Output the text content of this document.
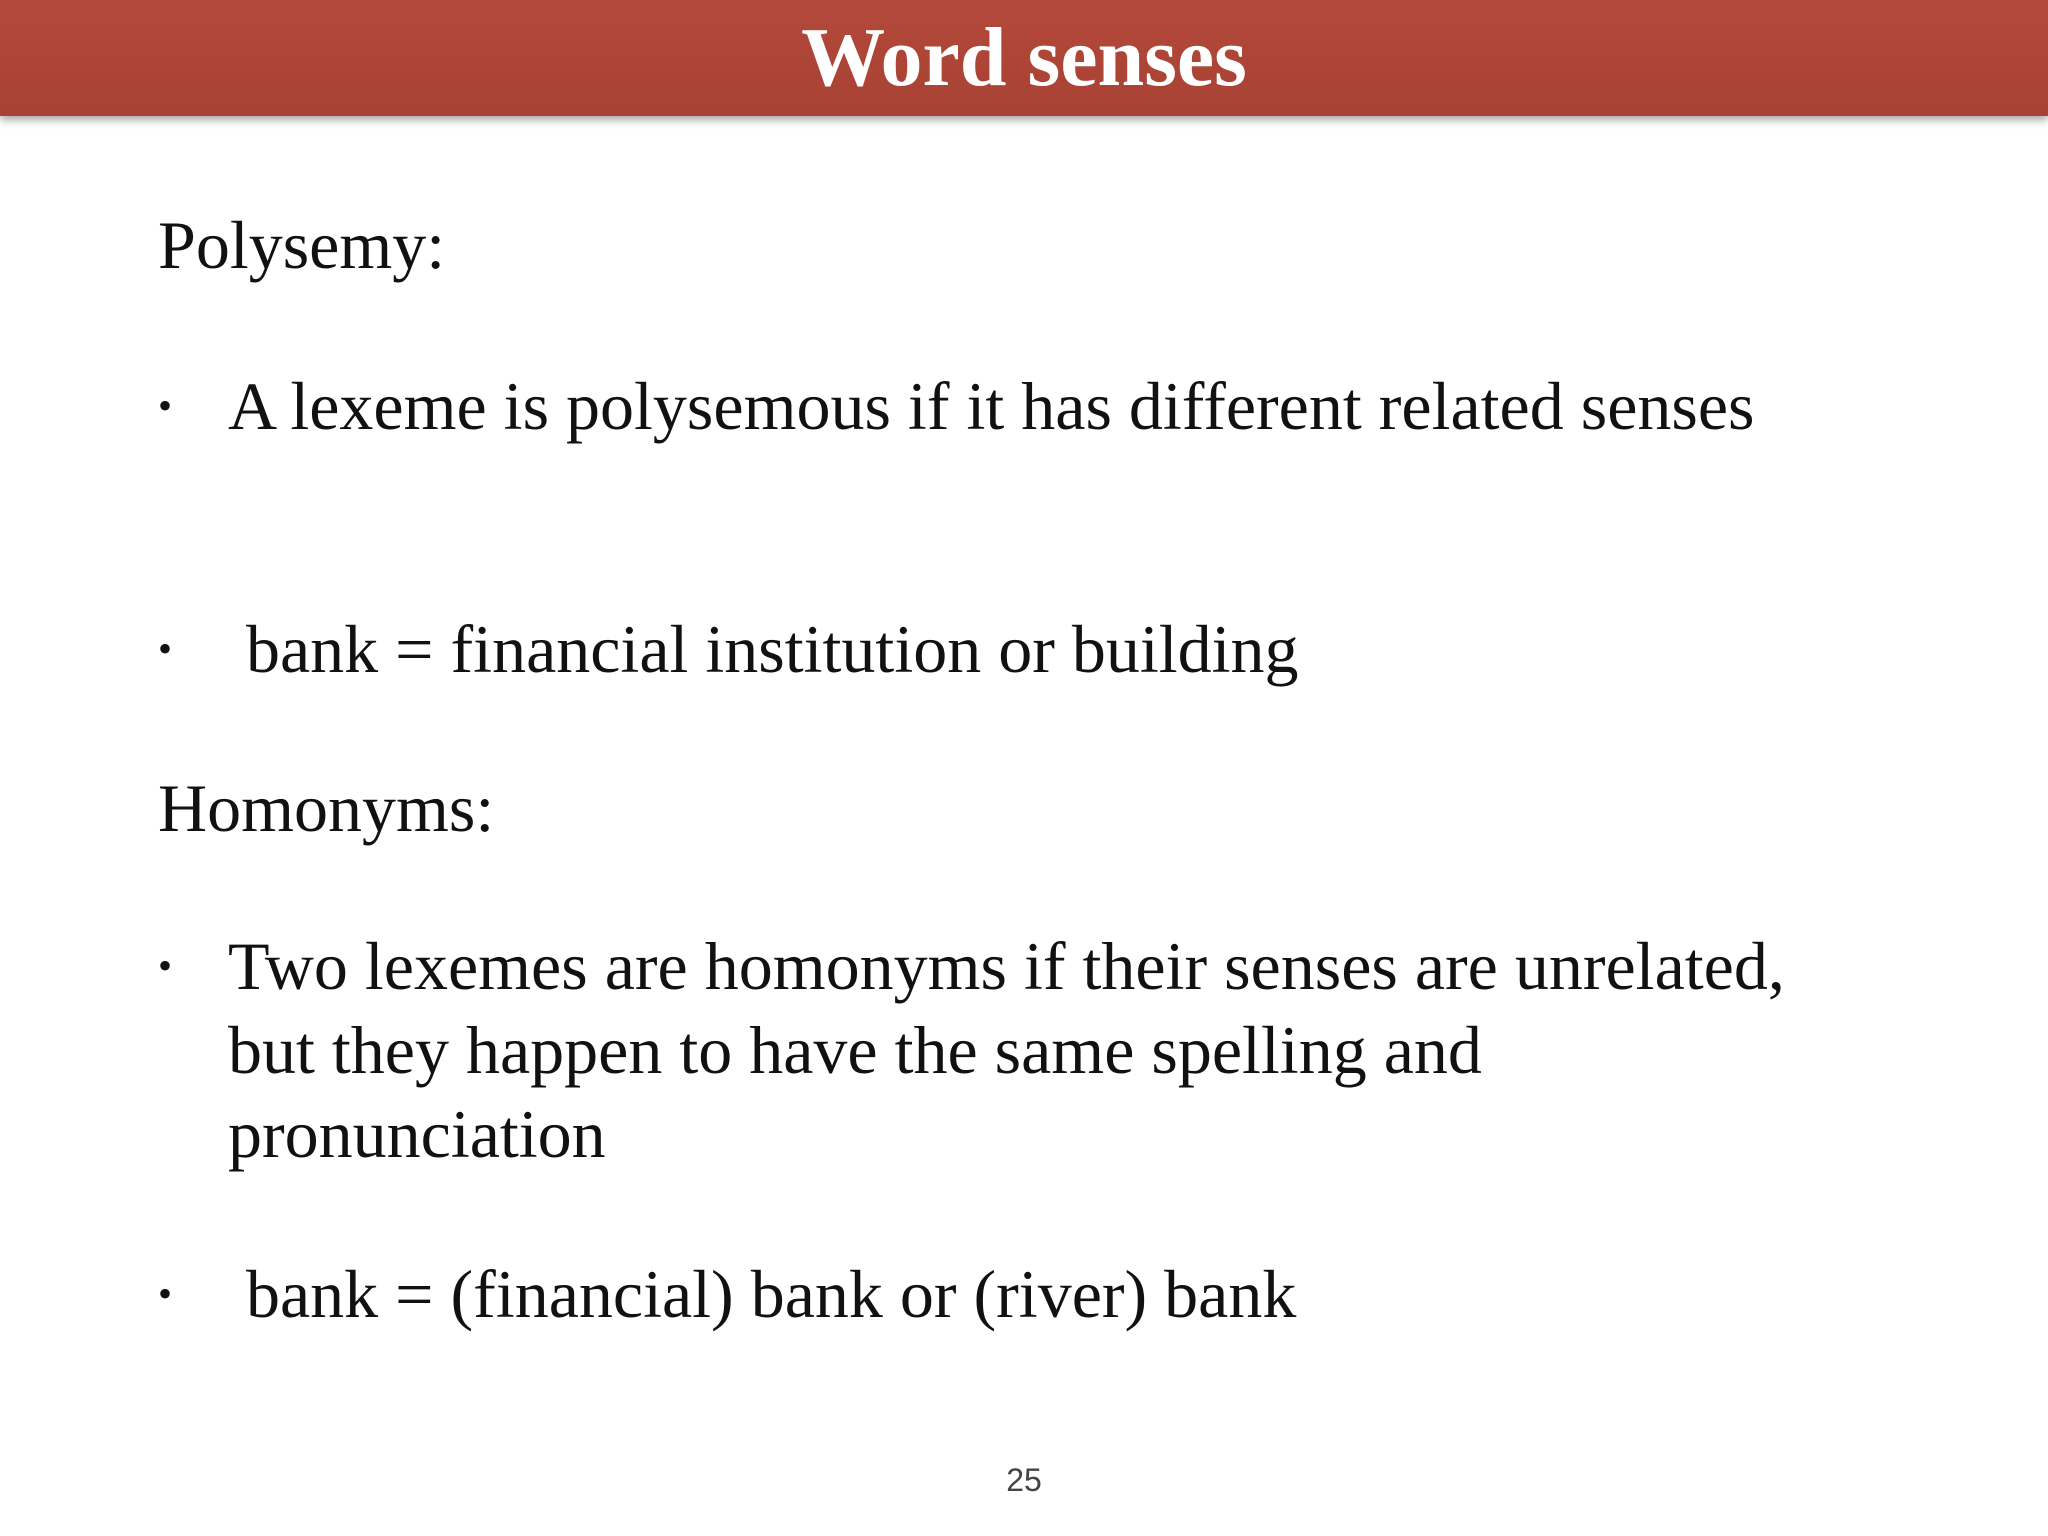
Word senses
Polysemy:
• A lexeme is polysemous if it has different related senses
•	bank = financial institution or building
Homonyms:
• Two lexemes are homonyms if their senses are unrelated, but they happen to have the same spelling and pronunciation
•	bank = (financial) bank or (river) bank
25
